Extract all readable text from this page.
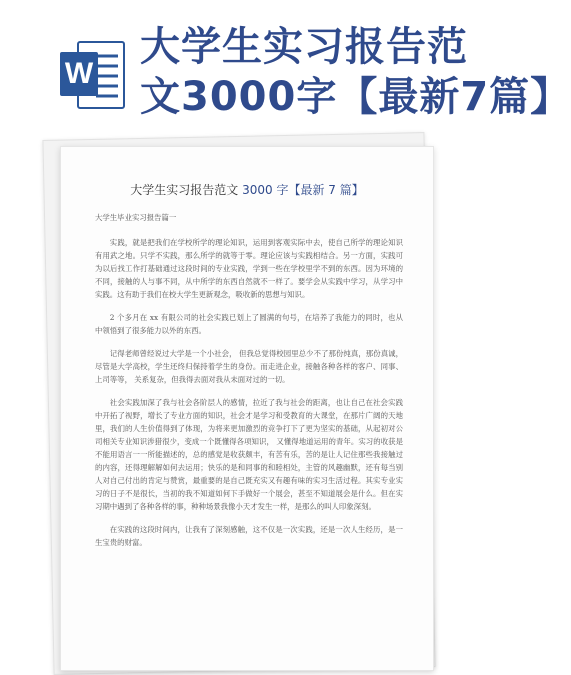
W
大学生实习报告范
文3000字【最新7篇】
大学生实习报告范文 3000 字【最新 7 篇】

大学生毕业实习报告篇一

实践，就是把我们在学校所学的理论知识，运用到客观实际中去，使自己所学的理论知识有用武之地。只学不实践，那么所学的就等于零。理论应该与实践相结合。另一方面，实践可为以后找工作打基础通过这段时间的专业实践，学到一些在学校里学不到的东西。因为环境的不同，接触的人与事不同，从中所学的东西自然就不一样了。要学会从实践中学习，从学习中实践。这有助于我们在校大学生更新观念，吸收新的思想与知识。

2 个多月在 xx 有限公司的社会实践已划上了圆满的句号，在培养了我能力的同时，也从中领悟到了很多能力以外的东西。

记得老师曾经说过大学是一个小社会， 但我总觉得校园里总少不了那份纯真，那份真诚，尽管是大学高校，学生还终归保持着学生的身份。而走进企业，接触各种各样的客户、同事、上司等等， 关系复杂，但我得去面对我从未面对过的一切。

社会实践加深了我与社会各阶层人的感情，拉近了我与社会的距离，也让自己在社会实践中开拓了视野，增长了专业方面的知识，社会才是学习和受教育的大课堂，在那片广阔的天地里，我们的人生价值得到了体现，为将来更加激烈的竞争打下了更为坚实的基础，从起初对公司相关专业知识涉猎很少，变成一个既懂得各项知识， 又懂得地道运用的青年。实习的收获是不能用语言一一所能描述的，总的感觉是收获颇丰，有苦有乐，苦的是让人记住那些我接触过的内容，还得理解解如何去运用；快乐的是和同事的和睦相处，主管的风趣幽默，还有每当别人对自己付出的肯定与赞赏，最重要的是自己既充实又有趣有味的实习生活过程。其实专业实习的日子不是很长，当初的我不知道如何下手做好一个展会，甚至不知道展会是什么。但在实习期中遇到了各种各样的事，种种场景我像小天才发生一样，是那么的叫人印象深刻。

在实践的这段时间内，让我有了深刻感触，这不仅是一次实践，还是一次人生经历，是一生宝贵的财富。
